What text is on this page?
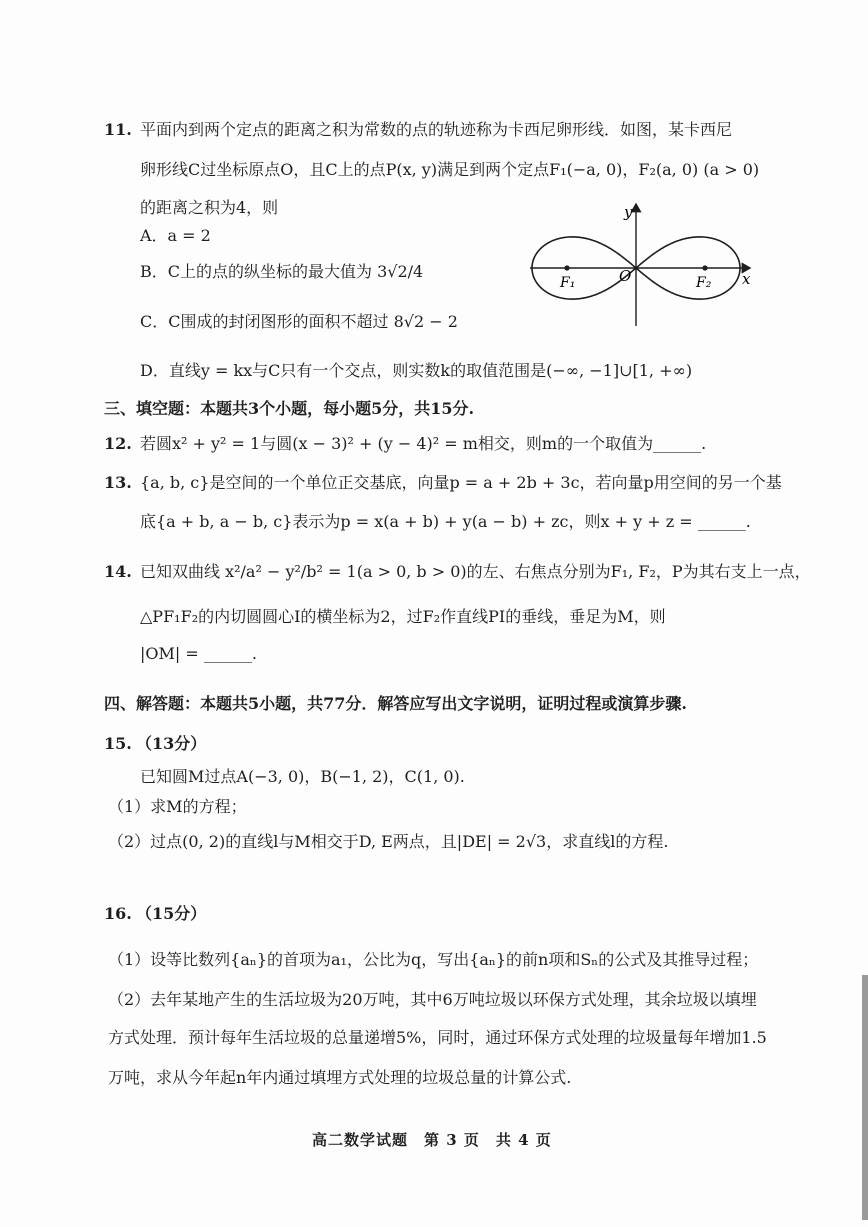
11. 平面内到两个定点的距离之积为常数的点的轨迹称为卡西尼卵形线．如图，某卡西尼
卵形线C过坐标原点O，且C上的点P(x, y)满足到两个定点F₁(−a, 0)，F₂(a, 0) (a > 0)
的距离之积为4，则
A．a = 2
B．C上的点的纵坐标的最大值为 3√2/4
C．C围成的封闭图形的面积不超过 8√2 − 2
D．直线y = kx与C只有一个交点，则实数k的取值范围是(−∞, −1]∪[1, +∞)
y
x
O
F₁	F₂
三、填空题：本题共3个小题，每小题5分，共15分.
12. 若圆x² + y² = 1与圆(x − 3)² + (y − 4)² = m相交，则m的一个取值为______.
13. {a, b, c}是空间的一个单位正交基底，向量p = a + 2b + 3c，若向量p用空间的另一个基
底{a + b, a − b, c}表示为p = x(a + b) + y(a − b) + zc，则x + y + z = ______.
14. 已知双曲线 x²/a² − y²/b² = 1(a > 0, b > 0)的左、右焦点分别为F₁, F₂，P为其右支上一点，
△PF₁F₂的内切圆圆心I的横坐标为2，过F₂作直线PI的垂线，垂足为M，则
|OM| = ______.
四、解答题：本题共5小题，共77分．解答应写出文字说明，证明过程或演算步骤.
15. （13分）
已知圆M过点A(−3, 0)，B(−1, 2)，C(1, 0).
（1）求M的方程；
（2）过点(0, 2)的直线l与M相交于D, E两点，且|DE| = 2√3，求直线l的方程.
16. （15分）
（1）设等比数列{aₙ}的首项为a₁，公比为q，写出{aₙ}的前n项和Sₙ的公式及其推导过程；
（2）去年某地产生的生活垃圾为20万吨，其中6万吨垃圾以环保方式处理，其余垃圾以填埋
方式处理．预计每年生活垃圾的总量递增5%，同时，通过环保方式处理的垃圾量每年增加1.5
万吨，求从今年起n年内通过填埋方式处理的垃圾总量的计算公式.
高二数学试题　第 3 页　共 4 页
